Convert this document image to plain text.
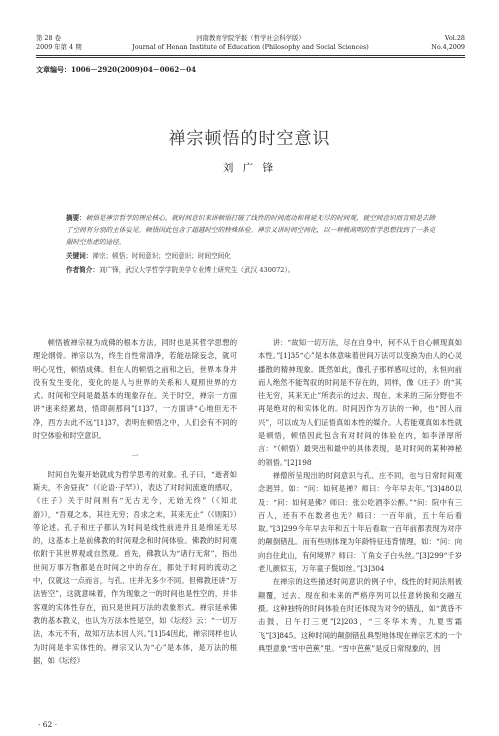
第 28 卷
2009 年第 4 期
河南教育学院学报（哲学社会科学版）
Journal of Henan Institute of Education (Philosophy and Social Sciences)
Vol.28
No.4,2009
文章编号：1006－2920(2009)04－0062－04
禅宗顿悟的时空意识
刘 广 锋

摘要：顿悟是禅宗哲学的理论核心，就时间意识来讲顿悟打破了线性的时间流动和将延无尽的时间观，就空间意识而言则是去除了空间有分别的主体妄见。顿悟因此包含了超越时空的特殊体验。禅宗又讲时间空间化，以一种极高明的哲学思想找到了一条克服时空焦虑的途径。

关键词：禅宗；顿悟；时间意识；空间意识；时间空间化

作者简介：刘广锋，武汉大学哲学学院美学专业博士研究生（武汉 430072）。

顿悟被禅宗视为成佛的根本方法，同时也是其哲学思想的理论纲骨。禅宗以为，终生自性常清净，若能祛除妄念，就可明心见性，顿悟成佛。但在人的顿悟之前和之后，世界本身并没有发生变化，变化的是人与世界的关系和人观照世界的方式。时间和空间是最基本的现象存在。关于时空，禅宗一方面讲“迷来经累劫，悟即刹那间”[1]37，一方面讲“心地但无不净，西方去此不远”[1]37，表明在顿悟之中，人们会有不同的时空体验和时空意识。

一

时间自先秦开始就成为哲学思考的对象。孔子曰，“逝者如斯夫，不舍昼夜”（《论语·子罕》），表达了对时间流逝的感叹，《庄子》关于时间则有“无古无今，无始无终”（《知北游》），“吾观之本，其往无穷；吾求之末，其来无止”（《则阳》）等论述。孔子和庄子都认为时间是线性前进并且是绵延无尽的，这基本上是前佛教的时间观念和时间体验。佛教的时间观依附于其世界观或自然观。首先，佛教认为“诸行无常”，指出世间万事万物都是在时间之中的存在，都处于时间的流动之中，仅就这一点而言，与孔、庄并无多少不同。但佛教还讲“万法皆空”，这就意味着，作为现象之一的时间也是性空的，并非客观的实体性存在，而只是世间万法的表象形式。禅宗延承佛教的基本教义，也认为万法本性是空，如《坛经》云：“一切万法，本元不有，故知万法本因人兴。”[1]54因此，禅宗同样也认为时间是非实体性的。禅宗又认为“心”是本体，是万法的根据，如《坛经》

讲：“故知一切万法，尽在自身中，何不从于自心顿现真如本性。”[1]35“心”是本体意味着世间万法可以变换为由人的心灵播散的精神现象。既然如此，像孔子那样感叹过的，永恒向前而人绝然不能驾驭的时间是不存在的，同样，像《庄子》的“其往无穷，其来无止”所表示的过去、现在、未来的三际分野也不再是绝对的和实体化的。时间因作为万法的一种，也“因人而兴”，可以成为人们证悟真如本性的媒介。人若能观真如本性就是顿悟，顿悟因此包含有对时间的体验在内，如李泽厚所言：“（顿悟）最突出和最中的具体表现，是对时间的某种神秘的领悟。”[2]198

禅僧所呈现出的时间意识与孔、庄不同，也与日常时间观念迥异。如：“问：如何是禅？师曰：今年早去年。”[3]480以及：“问：如何是佛？师曰：张公吃酒李公醉。”“问：院中有三百人，还有不在数者也无？师曰：一百年前，五十年后看取。”[3]299今年早去年和五十年后看取一百年前都表现为对序的颠倒错乱。而有些则体现为年龄特征违背情理，如：“问：向向自住此山，有何境界？师曰：丫角女子白头丝。”[3]299“千岁老儿颜似玉，万年童子鬓如丝。”[3]304

在禅宗的这些描述时间意识的例子中，线性的时间法则被颠覆，过去、现在和未来的严格序列可以任意转换和交融互摄。这种独特的时间体验在时还体现为对令的错乱，如“黄昏不击鼓，日午打三更”[2]203，“三冬华木秀，九夏雪霜飞”[3]845。这种时间的颠倒错乱典型地体现在禅宗艺术的一个典型意象“雪中芭蕉”里。“雪中芭蕉”是反日常现象的，因

· 62 ·
